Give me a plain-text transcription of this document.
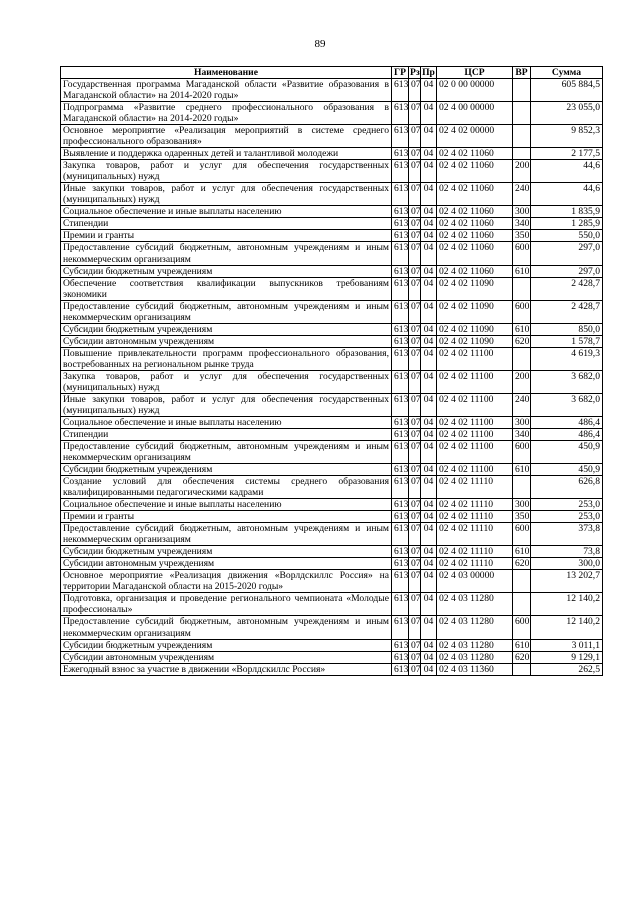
89
Наименование	ГР	Рз	Пр	ЦСР	ВР	Сумма
Государственная программа Магаданской области «Развитие образования в Магаданской области» на 2014-2020 годы»	613	07	04	02 0 00 00000		605 884,5
Подпрограмма «Развитие среднего профессионального образования в Магаданской области» на 2014-2020 годы»	613	07	04	02 4 00 00000		23 055,0
Основное мероприятие «Реализация мероприятий в системе среднего профессионального образования»	613	07	04	02 4 02 00000		9 852,3
Выявление и поддержка одаренных детей и талантливой молодежи	613	07	04	02 4 02 11060		2 177,5
Закупка товаров, работ и услуг для обеспечения государственных (муниципальных) нужд	613	07	04	02 4 02 11060	200	44,6
Иные закупки товаров, работ и услуг для обеспечения государственных (муниципальных) нужд	613	07	04	02 4 02 11060	240	44,6
Социальное обеспечение и иные выплаты населению	613	07	04	02 4 02 11060	300	1 835,9
Стипендии	613	07	04	02 4 02 11060	340	1 285,9
Премии и гранты	613	07	04	02 4 02 11060	350	550,0
Предоставление субсидий бюджетным, автономным учреждениям и иным некоммерческим организациям	613	07	04	02 4 02 11060	600	297,0
Субсидии бюджетным учреждениям	613	07	04	02 4 02 11060	610	297,0
Обеспечение соответствия квалификации выпускников требованиям экономики	613	07	04	02 4 02 11090		2 428,7
Предоставление субсидий бюджетным, автономным учреждениям и иным некоммерческим организациям	613	07	04	02 4 02 11090	600	2 428,7
Субсидии бюджетным учреждениям	613	07	04	02 4 02 11090	610	850,0
Субсидии автономным учреждениям	613	07	04	02 4 02 11090	620	1 578,7
Повышение привлекательности программ профессионального образования, востребованных на региональном рынке труда	613	07	04	02 4 02 11100		4 619,3
Закупка товаров, работ и услуг для обеспечения государственных (муниципальных) нужд	613	07	04	02 4 02 11100	200	3 682,0
Иные закупки товаров, работ и услуг для обеспечения государственных (муниципальных) нужд	613	07	04	02 4 02 11100	240	3 682,0
Социальное обеспечение и иные выплаты населению	613	07	04	02 4 02 11100	300	486,4
Стипендии	613	07	04	02 4 02 11100	340	486,4
Предоставление субсидий бюджетным, автономным учреждениям и иным некоммерческим организациям	613	07	04	02 4 02 11100	600	450,9
Субсидии бюджетным учреждениям	613	07	04	02 4 02 11100	610	450,9
Создание условий для обеспечения системы среднего образования квалифицированными педагогическими кадрами	613	07	04	02 4 02 11110		626,8
Социальное обеспечение и иные выплаты населению	613	07	04	02 4 02 11110	300	253,0
Премии и гранты	613	07	04	02 4 02 11110	350	253,0
Предоставление субсидий бюджетным, автономным учреждениям и иным некоммерческим организациям	613	07	04	02 4 02 11110	600	373,8
Субсидии бюджетным учреждениям	613	07	04	02 4 02 11110	610	73,8
Субсидии автономным учреждениям	613	07	04	02 4 02 11110	620	300,0
Основное мероприятие «Реализация движения «Ворлдскиллс Россия» на территории Магаданской области на 2015-2020 годы»	613	07	04	02 4 03 00000		13 202,7
Подготовка, организация и проведение регионального чемпионата «Молодые профессионалы»	613	07	04	02 4 03 11280		12 140,2
Предоставление субсидий бюджетным, автономным учреждениям и иным некоммерческим организациям	613	07	04	02 4 03 11280	600	12 140,2
Субсидии бюджетным учреждениям	613	07	04	02 4 03 11280	610	3 011,1
Субсидии автономным учреждениям	613	07	04	02 4 03 11280	620	9 129,1
Ежегодный взнос за участие в движении «Ворлдскиллс Россия»	613	07	04	02 4 03 11360		262,5
